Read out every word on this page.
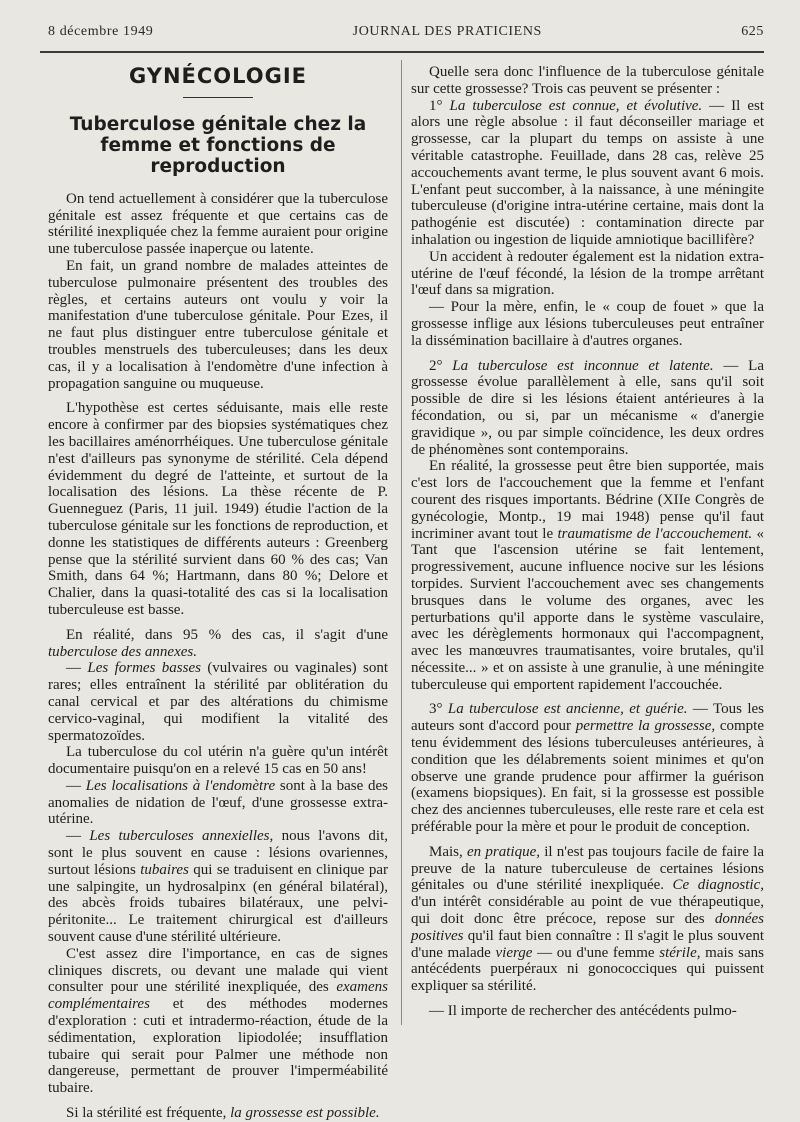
8 décembre 1949	JOURNAL DES PRATICIENS	625
GYNÉCOLOGIE
Tuberculose génitale chez la femme et fonctions de reproduction

On tend actuellement à considérer que la tuberculose génitale est assez fréquente et que certains cas de stérilité inexpliquée chez la femme auraient pour origine une tuberculose passée inaperçue ou latente.

En fait, un grand nombre de malades atteintes de tuberculose pulmonaire présentent des troubles des règles, et certains auteurs ont voulu y voir la manifestation d'une tuberculose génitale. Pour Ezes, il ne faut plus distinguer entre tuberculose génitale et troubles menstruels des tuberculeuses; dans les deux cas, il y a localisation à l'endomètre d'une infection à propagation sanguine ou muqueuse.

L'hypothèse est certes séduisante, mais elle reste encore à confirmer par des biopsies systématiques chez les bacillaires aménorrhéiques. Une tuberculose génitale n'est d'ailleurs pas synonyme de stérilité. Cela dépend évidemment du degré de l'atteinte, et surtout de la localisation des lésions. La thèse récente de P. Guenneguez (Paris, 11 juil. 1949) étudie l'action de la tuberculose génitale sur les fonctions de reproduction, et donne les statistiques de différents auteurs : Greenberg pense que la stérilité survient dans 60 % des cas; Van Smith, dans 64 %; Hartmann, dans 80 %; Delore et Chalier, dans la quasi-totalité des cas si la localisation tuberculeuse est basse.

En réalité, dans 95 % des cas, il s'agit d'une tuberculose des annexes.

— Les formes basses (vulvaires ou vaginales) sont rares; elles entraînent la stérilité par oblitération du canal cervical et par des altérations du chimisme cervico-vaginal, qui modifient la vitalité des spermatozoïdes.

La tuberculose du col utérin n'a guère qu'un intérêt documentaire puisqu'on en a relevé 15 cas en 50 ans!

— Les localisations à l'endomètre sont à la base des anomalies de nidation de l'œuf, d'une grossesse extra-utérine.

— Les tuberculoses annexielles, nous l'avons dit, sont le plus souvent en cause : lésions ovariennes, surtout lésions tubaires qui se traduisent en clinique par une salpingite, un hydrosalpinx (en général bilatéral), des abcès froids tubaires bilatéraux, une pelvi-péritonite... Le traitement chirurgical est d'ailleurs souvent cause d'une stérilité ultérieure.

C'est assez dire l'importance, en cas de signes cliniques discrets, ou devant une malade qui vient consulter pour une stérilité inexpliquée, des examens complémentaires et des méthodes modernes d'exploration : cuti et intradermo-réaction, étude de la sédimentation, exploration lipiodolée; insufflation tubaire qui serait pour Palmer une méthode non dangereuse, permettant de prouver l'imperméabilité tubaire.

Si la stérilité est fréquente, la grossesse est possible.

Quelle sera donc l'influence de la tuberculose génitale sur cette grossesse? Trois cas peuvent se présenter :

1° La tuberculose est connue, et évolutive. — Il est alors une règle absolue : il faut déconseiller mariage et grossesse, car la plupart du temps on assiste à une véritable catastrophe. Feuillade, dans 28 cas, relève 25 accouchements avant terme, le plus souvent avant 6 mois. L'enfant peut succomber, à la naissance, à une méningite tuberculeuse (d'origine intra-utérine certaine, mais dont la pathogénie est discutée) : contamination directe par inhalation ou ingestion de liquide amniotique bacillifère?

Un accident à redouter également est la nidation extra-utérine de l'œuf fécondé, la lésion de la trompe arrêtant l'œuf dans sa migration.

— Pour la mère, enfin, le « coup de fouet » que la grossesse inflige aux lésions tuberculeuses peut entraîner la dissémination bacillaire à d'autres organes.

2° La tuberculose est inconnue et latente. — La grossesse évolue parallèlement à elle, sans qu'il soit possible de dire si les lésions étaient antérieures à la fécondation, ou si, par un mécanisme « d'anergie gravidique », ou par simple coïncidence, les deux ordres de phénomènes sont contemporains.

En réalité, la grossesse peut être bien supportée, mais c'est lors de l'accouchement que la femme et l'enfant courent des risques importants. Bédrine (XIIe Congrès de gynécologie, Montp., 19 mai 1948) pense qu'il faut incriminer avant tout le traumatisme de l'accouchement. « Tant que l'ascension utérine se fait lentement, progressivement, aucune influence nocive sur les lésions torpides. Survient l'accouchement avec ses changements brusques dans le volume des organes, avec les perturbations qu'il apporte dans le système vasculaire, avec les dérèglements hormonaux qui l'accompagnent, avec les manœuvres traumatisantes, voire brutales, qu'il nécessite... » et on assiste à une granulie, à une méningite tuberculeuse qui emportent rapidement l'accouchée.

3° La tuberculose est ancienne, et guérie. — Tous les auteurs sont d'accord pour permettre la grossesse, compte tenu évidemment des lésions tuberculeuses antérieures, à condition que les délabrements soient minimes et qu'on observe une grande prudence pour affirmer la guérison (examens biopsiques). En fait, si la grossesse est possible chez des anciennes tuberculeuses, elle reste rare et cela est préférable pour la mère et pour le produit de conception.

Mais, en pratique, il n'est pas toujours facile de faire la preuve de la nature tuberculeuse de certaines lésions génitales ou d'une stérilité inexpliquée. Ce diagnostic, d'un intérêt considérable au point de vue thérapeutique, qui doit donc être précoce, repose sur des données positives qu'il faut bien connaître : Il s'agit le plus souvent d'une malade vierge — ou d'une femme stérile, mais sans antécédents puerpéraux ni gonococciques qui puissent expliquer sa stérilité.

— Il importe de rechercher des antécédents pulmo-
